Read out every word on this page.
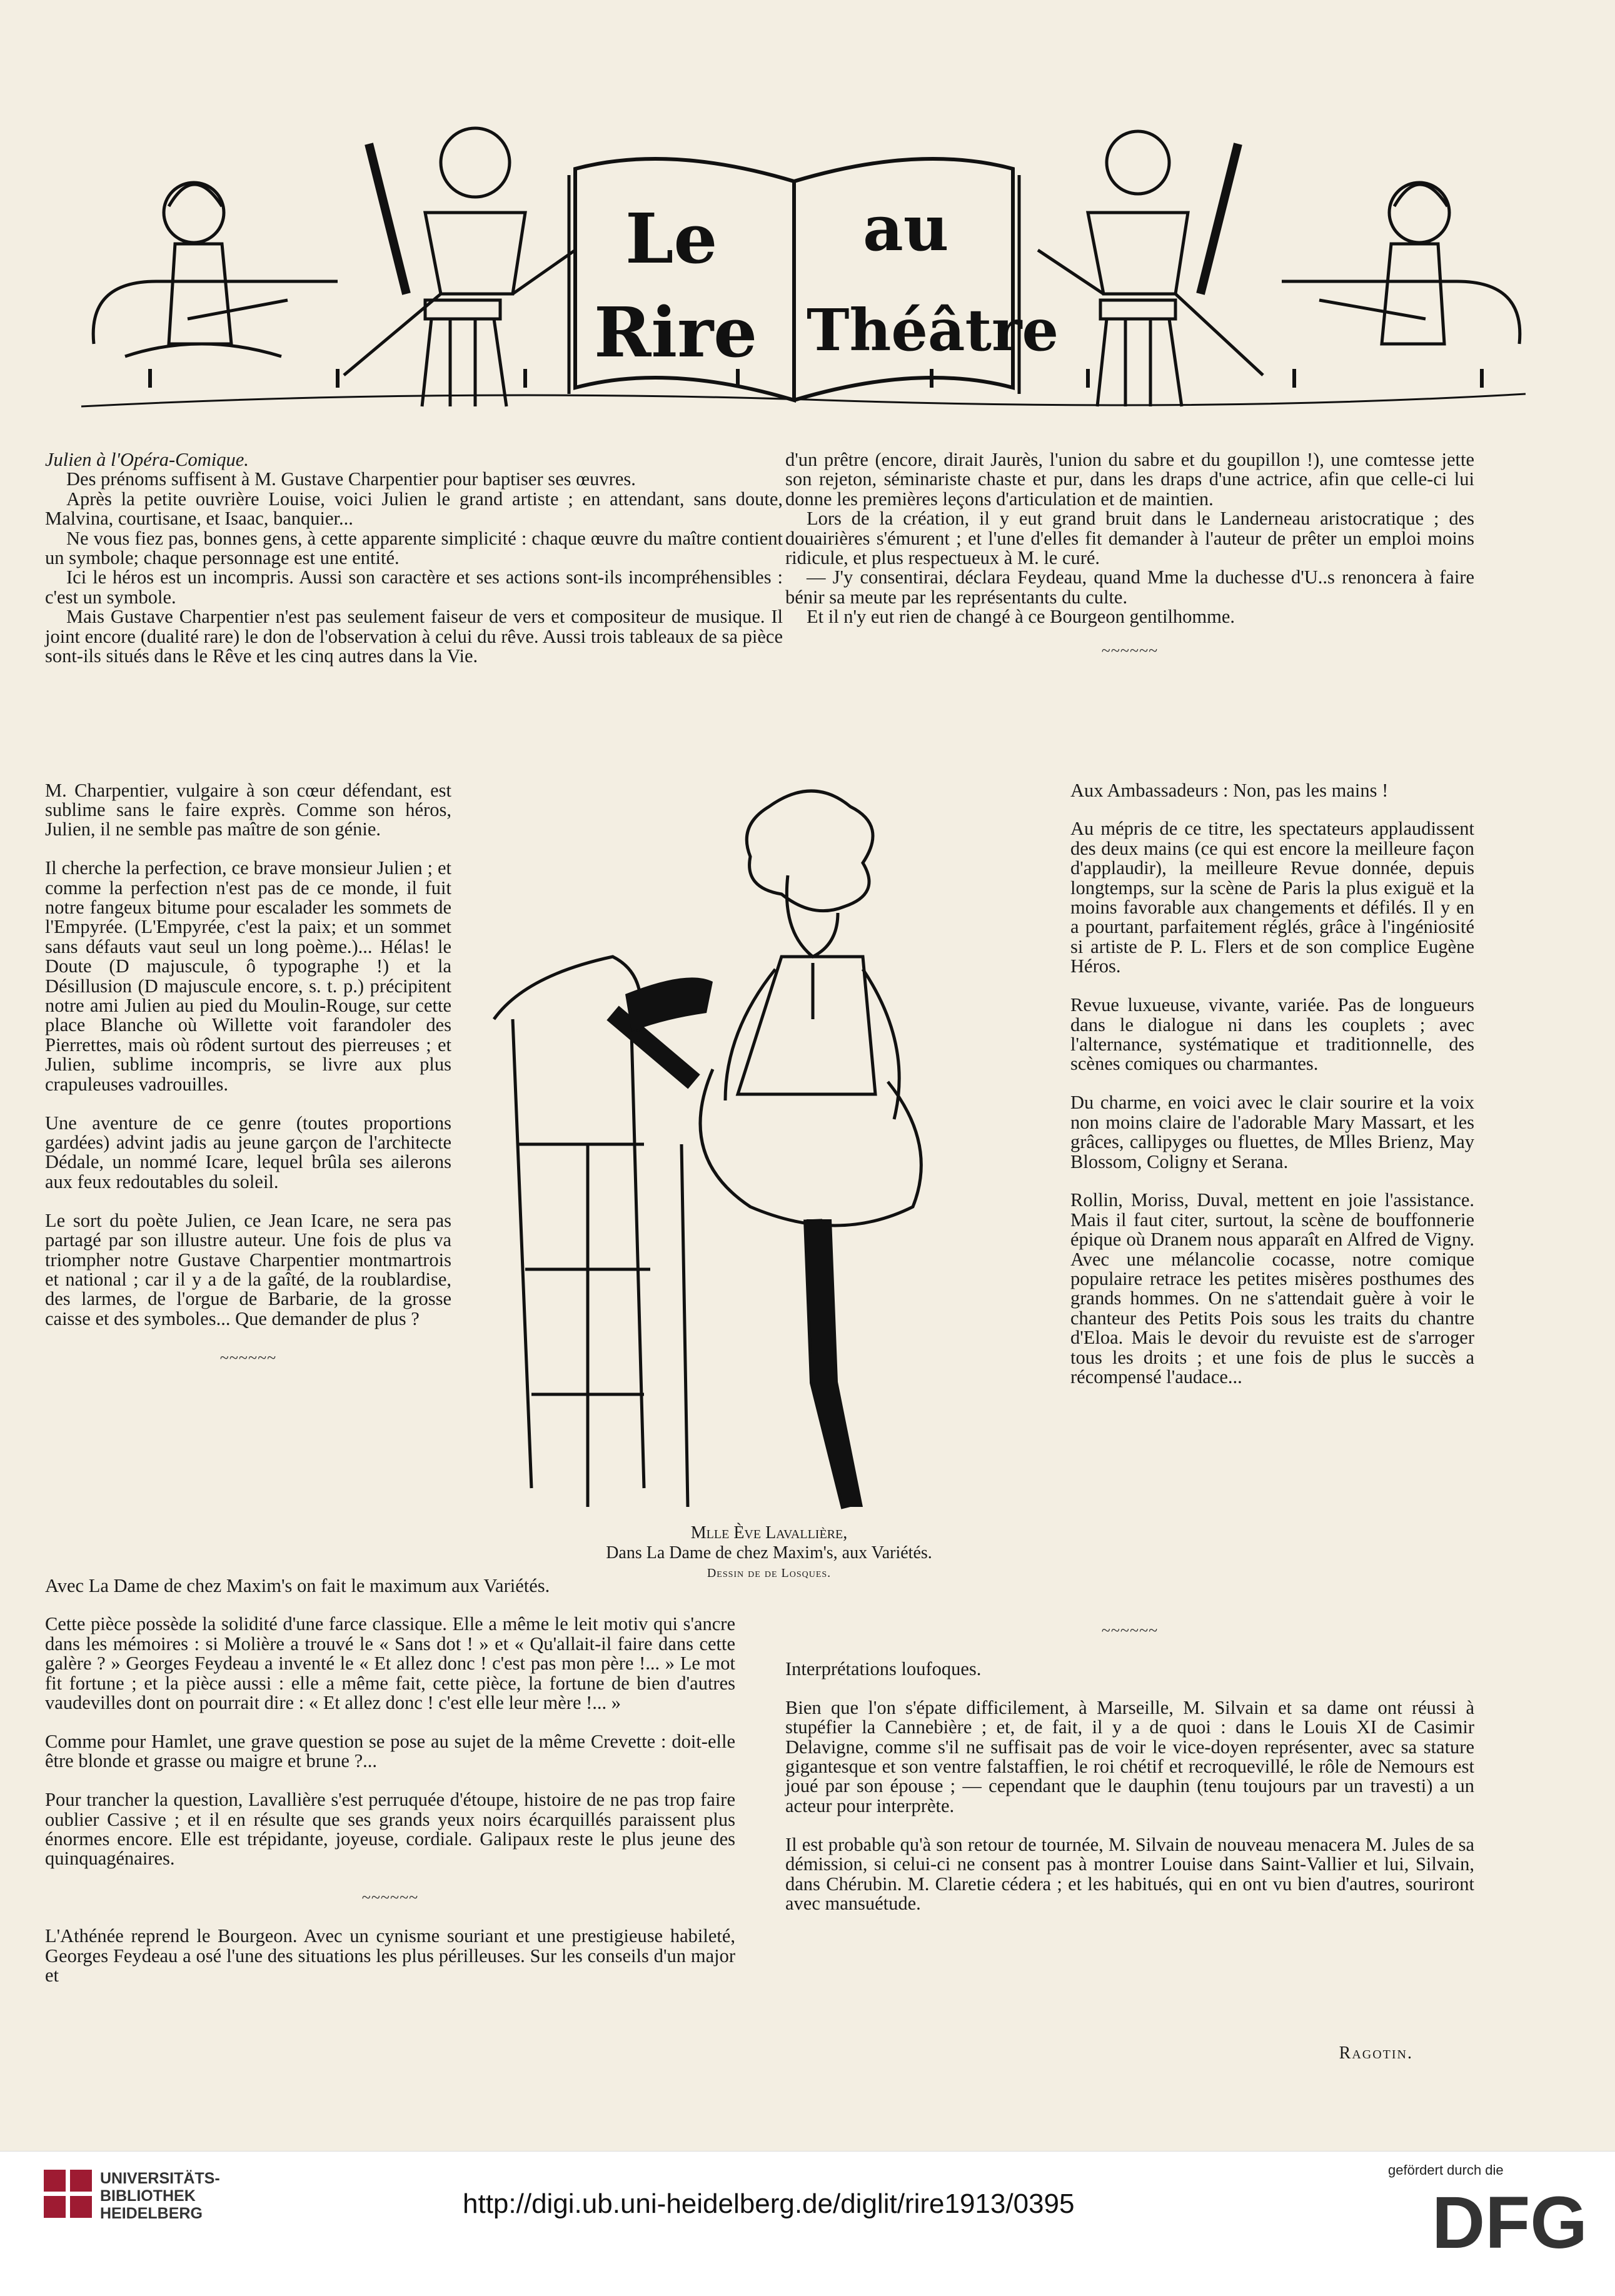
Le
Rire
au
Théâtre

Julien à l'Opéra-Comique.

Des prénoms suffisent à M. Gustave Charpentier pour baptiser ses œuvres.

Après la petite ouvrière Louise, voici Julien le grand artiste ; en attendant, sans doute, Malvina, courtisane, et Isaac, banquier...

Ne vous fiez pas, bonnes gens, à cette apparente simplicité : chaque œuvre du maître contient un symbole; chaque personnage est une entité.

Ici le héros est un incompris. Aussi son caractère et ses actions sont-ils incompréhensibles : c'est un symbole.

Mais Gustave Charpentier n'est pas seulement faiseur de vers et compositeur de musique. Il joint encore (dualité rare) le don de l'observation à celui du rêve. Aussi trois tableaux de sa pièce sont-ils situés dans le Rêve et les cinq autres dans la Vie.

d'un prêtre (encore, dirait Jaurès, l'union du sabre et du goupillon !), une comtesse jette son rejeton, séminariste chaste et pur, dans les draps d'une actrice, afin que celle-ci lui donne les premières leçons d'articulation et de maintien.

Lors de la création, il y eut grand bruit dans le Landerneau aristocratique ; des douairières s'émurent ; et l'une d'elles fit demander à l'auteur de prêter un emploi moins ridicule, et plus respectueux à M. le curé.

— J'y consentirai, déclara Feydeau, quand Mme la duchesse d'U..s renoncera à faire bénir sa meute par les représentants du culte.

Et il n'y eut rien de changé à ce Bourgeon gentilhomme.

~~~~~~

M. Charpentier, vulgaire à son cœur défendant, est sublime sans le faire exprès. Comme son héros, Julien, il ne semble pas maître de son génie.

Il cherche la perfection, ce brave monsieur Julien ; et comme la perfection n'est pas de ce monde, il fuit notre fangeux bitume pour escalader les sommets de l'Empyrée. (L'Empyrée, c'est la paix; et un sommet sans défauts vaut seul un long poème.)... Hélas! le Doute (D majuscule, ô typographe !) et la Désillusion (D majuscule encore, s. t. p.) précipitent notre ami Julien au pied du Moulin-Rouge, sur cette place Blanche où Willette voit farandoler des Pierrettes, mais où rôdent surtout des pierreuses ; et Julien, sublime incompris, se livre aux plus crapuleuses vadrouilles.

Une aventure de ce genre (toutes proportions gardées) advint jadis au jeune garçon de l'architecte Dédale, un nommé Icare, lequel brûla ses ailerons aux feux redoutables du soleil.

Le sort du poète Julien, ce Jean Icare, ne sera pas partagé par son illustre auteur. Une fois de plus va triompher notre Gustave Charpentier montmartrois et national ; car il y a de la gaîté, de la roublardise, des larmes, de l'orgue de Barbarie, de la grosse caisse et des symboles... Que demander de plus ?

~~~~~~

Aux Ambassadeurs : Non, pas les mains !

Au mépris de ce titre, les spectateurs applaudissent des deux mains (ce qui est encore la meilleure façon d'applaudir), la meilleure Revue donnée, depuis longtemps, sur la scène de Paris la plus exiguë et la moins favorable aux changements et défilés. Il y en a pourtant, parfaitement réglés, grâce à l'ingéniosité si artiste de P. L. Flers et de son complice Eugène Héros.

Revue luxueuse, vivante, variée. Pas de longueurs dans le dialogue ni dans les couplets ; avec l'alternance, systématique et traditionnelle, des scènes comiques ou charmantes.

Du charme, en voici avec le clair sourire et la voix non moins claire de l'adorable Mary Massart, et les grâces, callipyges ou fluettes, de Mlles Brienz, May Blossom, Coligny et Serana.

Rollin, Moriss, Duval, mettent en joie l'assistance. Mais il faut citer, surtout, la scène de bouffonnerie épique où Dranem nous apparaît en Alfred de Vigny. Avec une mélancolie cocasse, notre comique populaire retrace les petites misères posthumes des grands hommes. On ne s'attendait guère à voir le chanteur des Petits Pois sous les traits du chantre d'Eloa. Mais le devoir du revuiste est de s'arroger tous les droits ; et une fois de plus le succès a récompensé l'audace...

Mlle Ève Lavallière,
Dans La Dame de chez Maxim's, aux Variétés.
Dessin de de Losques.

Avec La Dame de chez Maxim's on fait le maximum aux Variétés.

Cette pièce possède la solidité d'une farce classique. Elle a même le leit motiv qui s'ancre dans les mémoires : si Molière a trouvé le « Sans dot ! » et « Qu'allait-il faire dans cette galère ? » Georges Feydeau a inventé le « Et allez donc ! c'est pas mon père !... » Le mot fit fortune ; et la pièce aussi : elle a même fait, cette pièce, la fortune de bien d'autres vaudevilles dont on pourrait dire : « Et allez donc ! c'est elle leur mère !... »

Comme pour Hamlet, une grave question se pose au sujet de la même Crevette : doit-elle être blonde et grasse ou maigre et brune ?...

Pour trancher la question, Lavallière s'est perruquée d'étoupe, histoire de ne pas trop faire oublier Cassive ; et il en résulte que ses grands yeux noirs écarquillés paraissent plus énormes encore. Elle est trépidante, joyeuse, cordiale. Galipaux reste le plus jeune des quinquagénaires.

~~~~~~

L'Athénée reprend le Bourgeon. Avec un cynisme souriant et une prestigieuse habileté, Georges Feydeau a osé l'une des situations les plus périlleuses. Sur les conseils d'un major et

~~~~~~

Interprétations loufoques.

Bien que l'on s'épate difficilement, à Marseille, M. Silvain et sa dame ont réussi à stupéfier la Cannebière ; et, de fait, il y a de quoi : dans le Louis XI de Casimir Delavigne, comme s'il ne suffisait pas de voir le vice-doyen représenter, avec sa stature gigantesque et son ventre falstaffien, le roi chétif et recroquevillé, le rôle de Nemours est joué par son épouse ; — cependant que le dauphin (tenu toujours par un travesti) a un acteur pour interprète.

Il est probable qu'à son retour de tournée, M. Silvain de nouveau menacera M. Jules de sa démission, si celui-ci ne consent pas à montrer Louise dans Saint-Vallier et lui, Silvain, dans Chérubin. M. Claretie cédera ; et les habitués, qui en ont vu bien d'autres, souriront avec mansuétude.

Ragotin.
UNIVERSITÄTS-
BIBLIOTHEK
HEIDELBERG	http://digi.ub.uni-heidelberg.de/diglit/rire1913/0395
gefördert durch die
DFG
